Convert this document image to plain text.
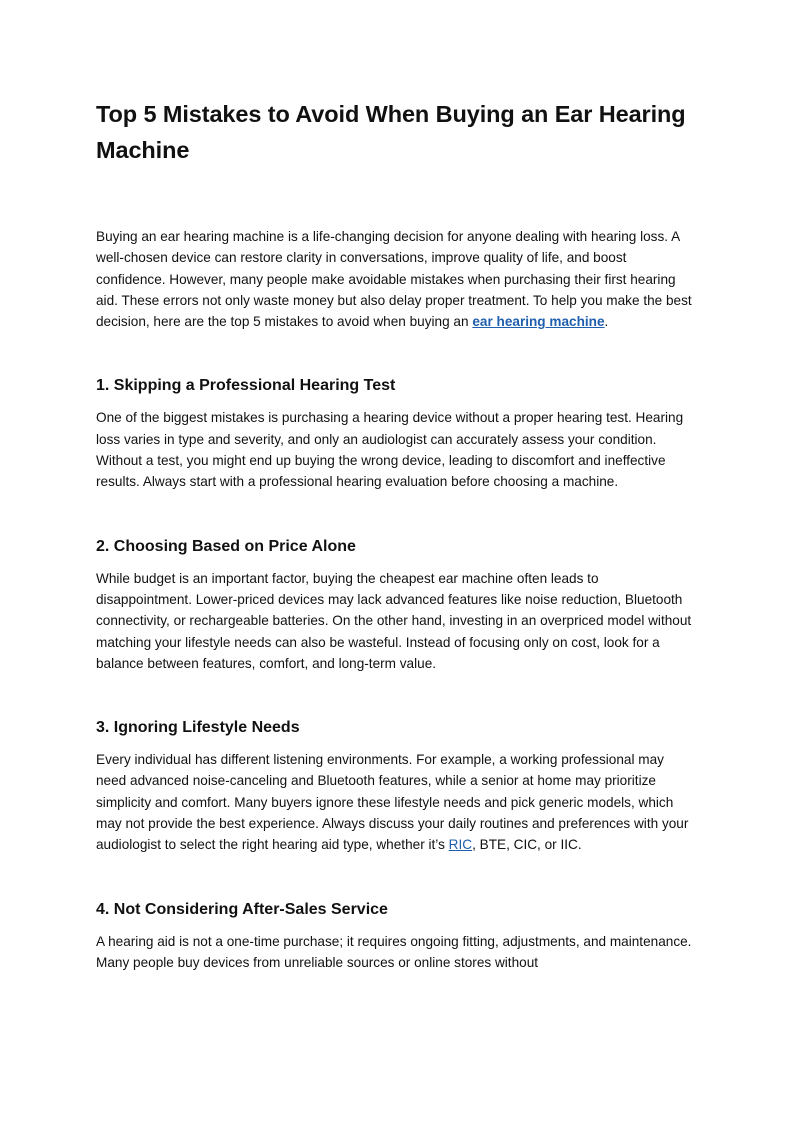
Top 5 Mistakes to Avoid When Buying an Ear Hearing Machine

Buying an ear hearing machine is a life-changing decision for anyone dealing with hearing loss. A well-chosen device can restore clarity in conversations, improve quality of life, and boost confidence. However, many people make avoidable mistakes when purchasing their first hearing aid. These errors not only waste money but also delay proper treatment. To help you make the best decision, here are the top 5 mistakes to avoid when buying an ear hearing machine.

1. Skipping a Professional Hearing Test

One of the biggest mistakes is purchasing a hearing device without a proper hearing test. Hearing loss varies in type and severity, and only an audiologist can accurately assess your condition. Without a test, you might end up buying the wrong device, leading to discomfort and ineffective results. Always start with a professional hearing evaluation before choosing a machine.

2. Choosing Based on Price Alone

While budget is an important factor, buying the cheapest ear machine often leads to disappointment. Lower-priced devices may lack advanced features like noise reduction, Bluetooth connectivity, or rechargeable batteries. On the other hand, investing in an overpriced model without matching your lifestyle needs can also be wasteful. Instead of focusing only on cost, look for a balance between features, comfort, and long-term value.

3. Ignoring Lifestyle Needs

Every individual has different listening environments. For example, a working professional may need advanced noise-canceling and Bluetooth features, while a senior at home may prioritize simplicity and comfort. Many buyers ignore these lifestyle needs and pick generic models, which may not provide the best experience. Always discuss your daily routines and preferences with your audiologist to select the right hearing aid type, whether it’s RIC, BTE, CIC, or IIC.

4. Not Considering After-Sales Service

A hearing aid is not a one-time purchase; it requires ongoing fitting, adjustments, and maintenance. Many people buy devices from unreliable sources or online stores without
